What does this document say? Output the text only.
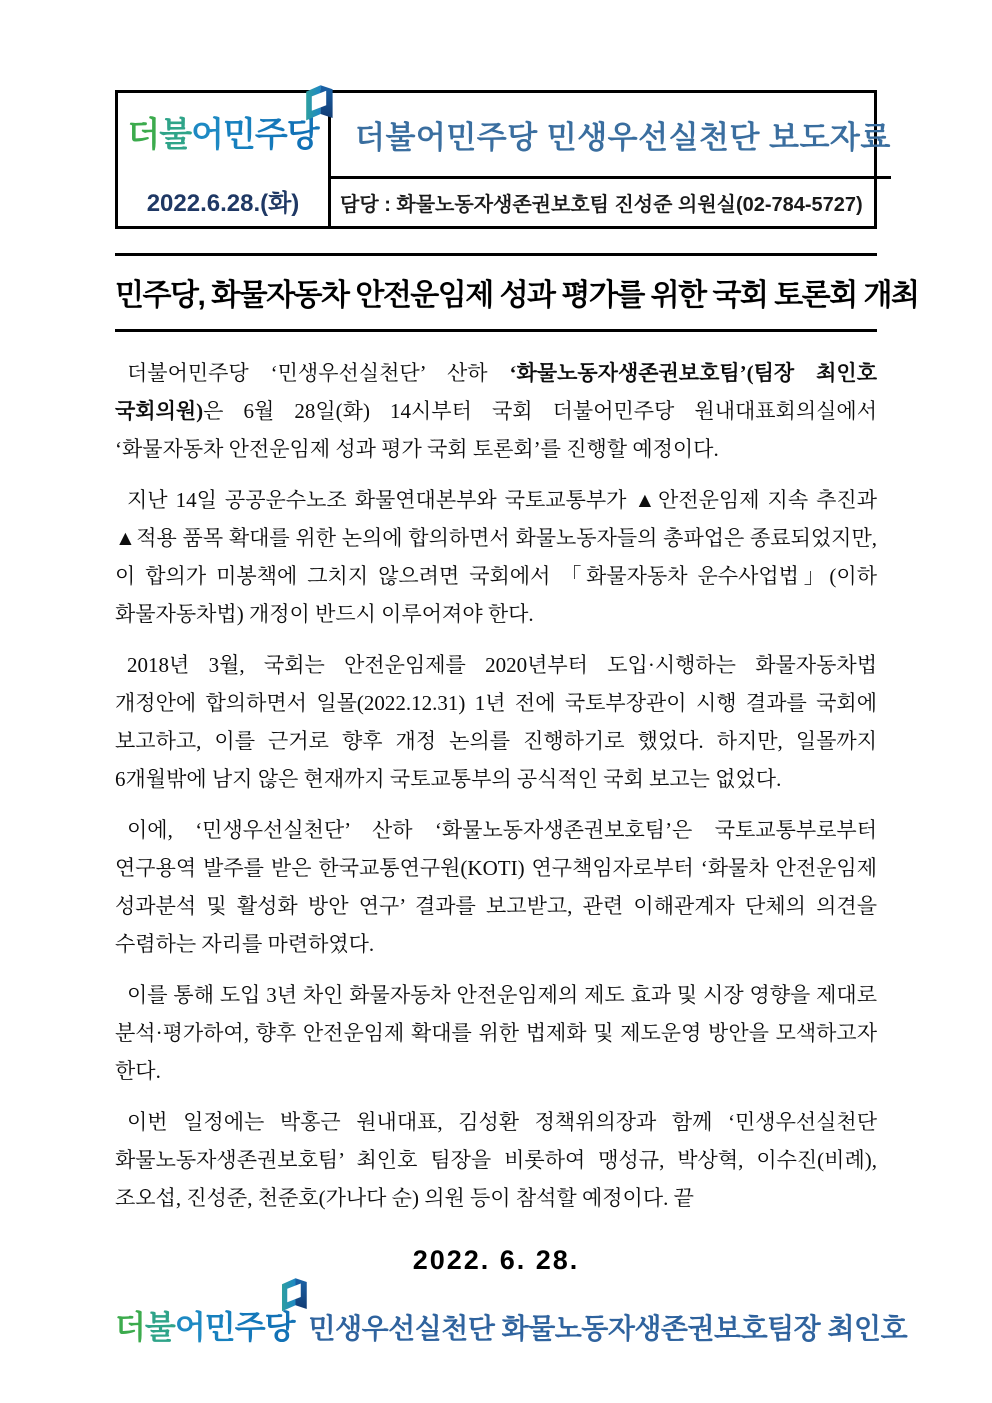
더불어민주당
2022.6.28.(화)
더불어민주당 민생우선실천단 보도자료
담당 : 화물노동자생존권보호팀 진성준 의원실(02-784-5727)
민주당, 화물자동차 안전운임제 성과 평가를 위한 국회 토론회 개최

더불어민주당 ‘민생우선실천단’ 산하 ‘화물노동자생존권보호팀’(팀장 최인호 국회의원)은 6월 28일(화) 14시부터 국회 더불어민주당 원내대표회의실에서 ‘화물자동차 안전운임제 성과 평가 국회 토론회’를 진행할 예정이다.

지난 14일 공공운수노조 화물연대본부와 국토교통부가 ▲안전운임제 지속 추진과 ▲적용 품목 확대를 위한 논의에 합의하면서 화물노동자들의 총파업은 종료되었지만, 이 합의가 미봉책에 그치지 않으려면 국회에서 「화물자동차 운수사업법」(이하 화물자동차법) 개정이 반드시 이루어져야 한다.

2018년 3월, 국회는 안전운임제를 2020년부터 도입·시행하는 화물자동차법 개정안에 합의하면서 일몰(2022.12.31) 1년 전에 국토부장관이 시행 결과를 국회에 보고하고, 이를 근거로 향후 개정 논의를 진행하기로 했었다. 하지만, 일몰까지 6개월밖에 남지 않은 현재까지 국토교통부의 공식적인 국회 보고는 없었다.

이에, ‘민생우선실천단’ 산하 ‘화물노동자생존권보호팀’은 국토교통부로부터 연구용역 발주를 받은 한국교통연구원(KOTI) 연구책임자로부터 ‘화물차 안전운임제 성과분석 및 활성화 방안 연구’ 결과를 보고받고, 관련 이해관계자 단체의 의견을 수렴하는 자리를 마련하였다.

이를 통해 도입 3년 차인 화물자동차 안전운임제의 제도 효과 및 시장 영향을 제대로 분석·평가하여, 향후 안전운임제 확대를 위한 법제화 및 제도운영 방안을 모색하고자 한다.

이번 일정에는 박홍근 원내대표, 김성환 정책위의장과 함께 ‘민생우선실천단 화물노동자생존권보호팀’ 최인호 팀장을 비롯하여 맹성규, 박상혁, 이수진(비례), 조오섭, 진성준, 천준호(가나다 순) 의원 등이 참석할 예정이다. 끝

2022. 6. 28.
더불어민주당 민생우선실천단 화물노동자생존권보호팀장 최인호
